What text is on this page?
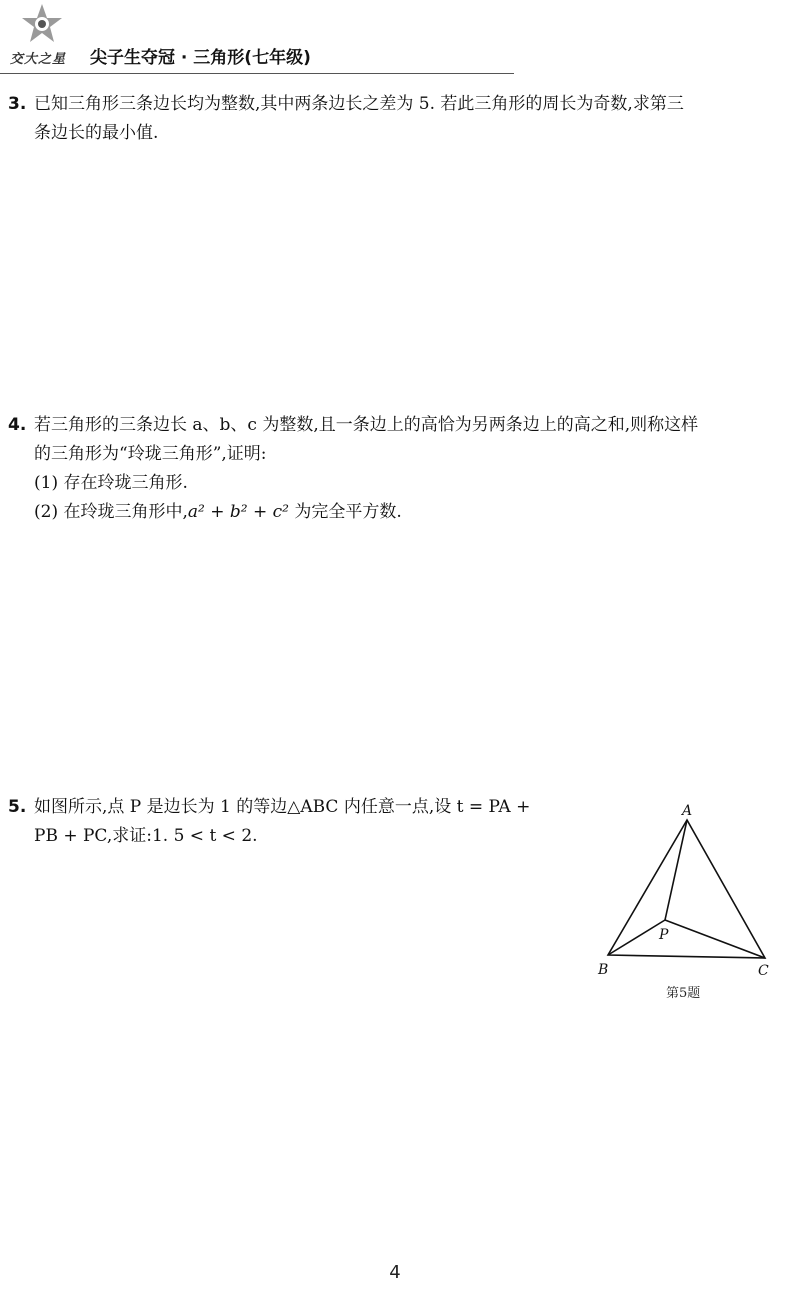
交大之星	尖子生夺冠 · 三角形(七年级)
3. 已知三角形三条边长均为整数,其中两条边长之差为 5. 若此三角形的周长为奇数,求第三
条边长的最小值.
4. 若三角形的三条边长 a、b、c 为整数,且一条边上的高恰为另两条边上的高之和,则称这样
的三角形为“玲珑三角形”,证明:
(1) 存在玲珑三角形.
(2) 在玲珑三角形中,a² + b² + c² 为完全平方数.
5. 如图所示,点 P 是边长为 1 的等边△ABC 内任意一点,设 t = PA +
PB + PC,求证:1. 5 < t < 2.
A
B	C
P
第5题
4
